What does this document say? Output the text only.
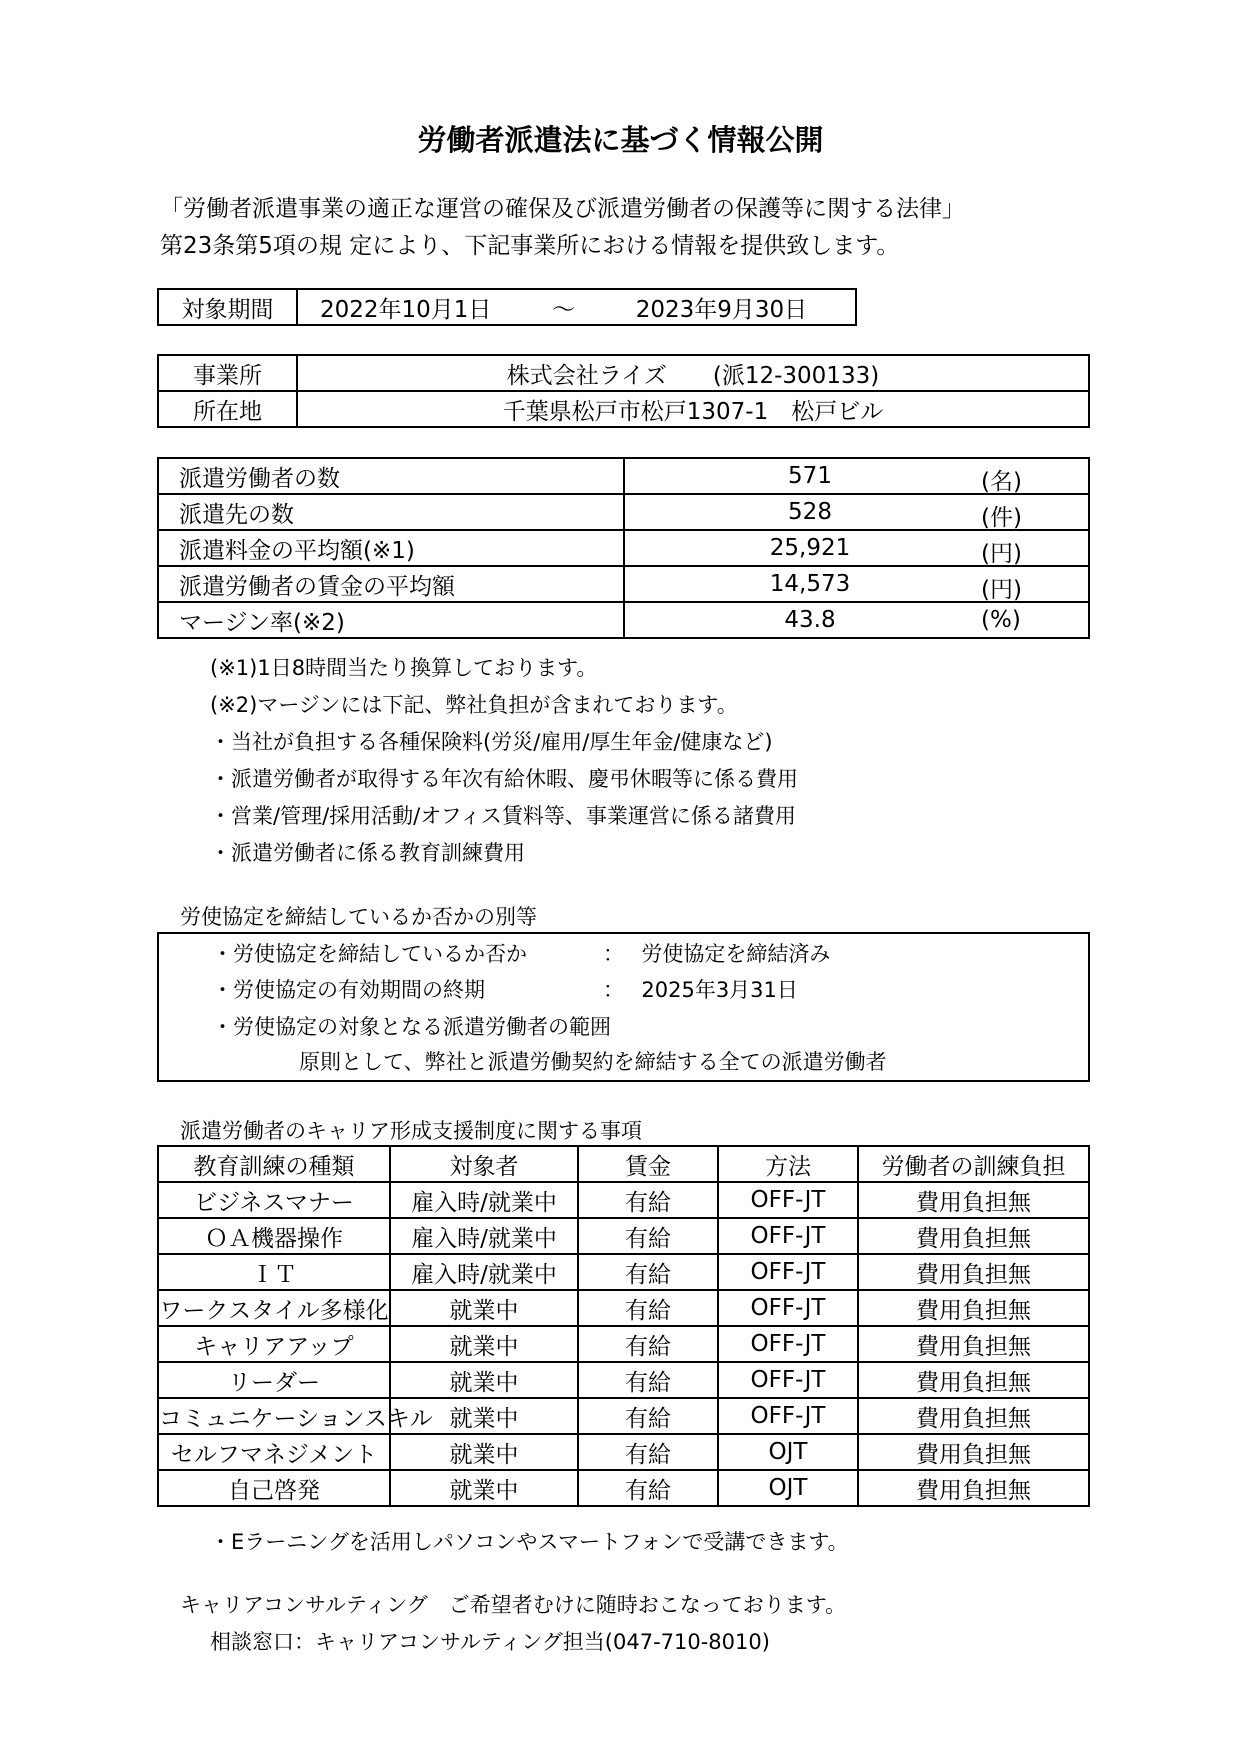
労働者派遣法に基づく情報公開
「労働者派遣事業の適正な運営の確保及び派遣労働者の保護等に関する法律」
第23条第5項の規 定により、下記事業所における情報を提供致します。
対象期間	2022年10月1日	～	2023年9月30日
事業所	株式会社ライズ　　(派12-300133)
所在地	千葉県松戸市松戸1307-1　松戸ビル
派遣労働者の数	571 (名)

派遣先の数	528 (件)

派遣料金の平均額(※1)	25,921 (円)

派遣労働者の賃金の平均額	14,573 (円)

マージン率(※2)	43.8 (%)
(※1)1日8時間当たり換算しております。
(※2)マージンには下記、弊社負担が含まれております。
・当社が負担する各種保険料(労災/雇用/厚生年金/健康など)
・派遣労働者が取得する年次有給休暇、慶弔休暇等に係る費用
・営業/管理/採用活動/オフィス賃料等、事業運営に係る諸費用
・派遣労働者に係る教育訓練費用
労使協定を締結しているか否かの別等
・労使協定を締結しているか否か	： 労使協定を締結済み
・労使協定の有効期間の終期	： 2025年3月31日
・労使協定の対象となる派遣労働者の範囲
原則として、弊社と派遣労働契約を締結する全ての派遣労働者
派遣労働者のキャリア形成支援制度に関する事項
教育訓練の種類	対象者	賃金	方法	労働者の訓練負担
ビジネスマナー	雇入時/就業中	有給	OFF-JT	費用負担無
ＯＡ機器操作	雇入時/就業中	有給	OFF-JT	費用負担無
ＩＴ	雇入時/就業中	有給	OFF-JT	費用負担無
ワークスタイル多様化	就業中	有給	OFF-JT	費用負担無
キャリアアップ	就業中	有給	OFF-JT	費用負担無
リーダー	就業中	有給	OFF-JT	費用負担無
コミュニケーションスキル	就業中	有給	OFF-JT	費用負担無
セルフマネジメント	就業中	有給	OJT	費用負担無
自己啓発	就業中	有給	OJT	費用負担無
・Eラーニングを活用しパソコンやスマートフォンで受講できます。
キャリアコンサルティング　ご希望者むけに随時おこなっております。
相談窓口：キャリアコンサルティング担当(047-710-8010)
